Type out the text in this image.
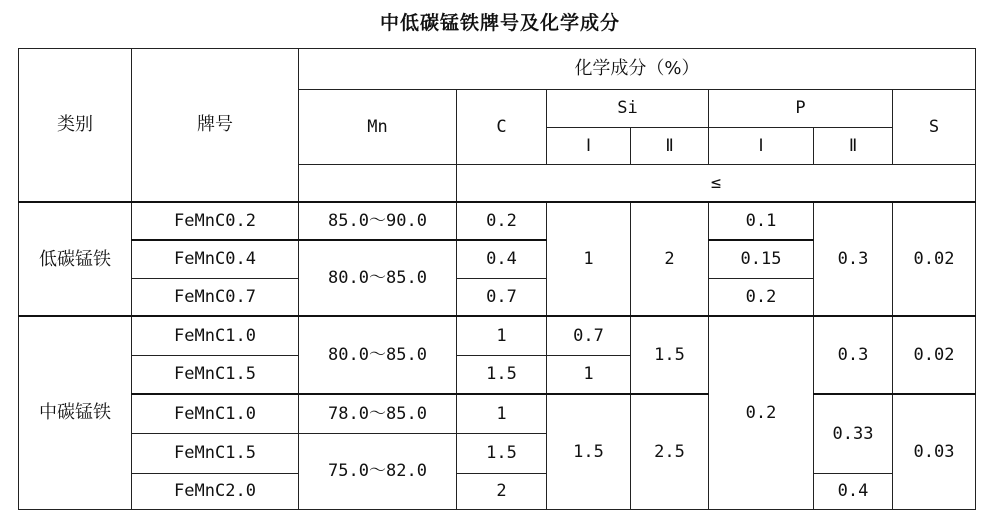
中低碳锰铁牌号及化学成分
类别	牌号	化学成分（%）						
		Mn	C	Si		P		S
				Ⅰ	Ⅱ	Ⅰ	Ⅱ	
			≤					
低碳锰铁	FeMnC0.2	85.0～90.0	0.2	1	2	0.1	0.3	0.02
	FeMnC0.4	80.0～85.0	0.4			0.15		
	FeMnC0.7		0.7			0.2		
中碳锰铁	FeMnC1.0	80.0～85.0	1	0.7	1.5	0.2	0.3	0.02
	FeMnC1.5		1.5	1				
	FeMnC1.0	78.0～85.0	1	1.5	2.5		0.33	0.03
	FeMnC1.5	75.0～82.0	1.5					
	FeMnC2.0		2				0.4	
